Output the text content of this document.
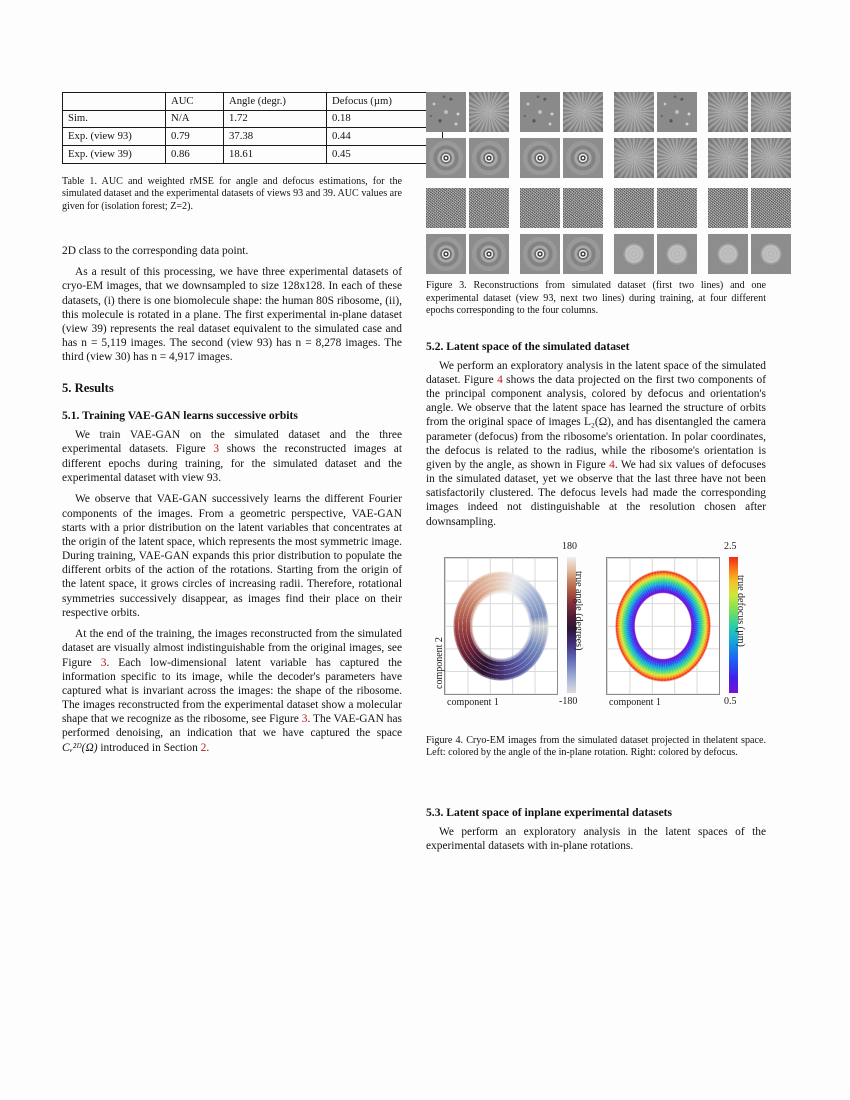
	AUC	Angle (degr.)	Defocus (µm)
Sim.	N/A	1.72	0.18
Exp. (view 93)	0.79	37.38	0.44
Exp. (view 39)	0.86	18.61	0.45

Table 1. AUC and weighted rMSE for angle and defocus estimations, for the simulated dataset and the experimental datasets of views 93 and 39. AUC values are given for (isolation forest; Z=2).

2D class to the corresponding data point.

As a result of this processing, we have three experimental datasets of cryo-EM images, that we downsampled to size 128x128. In each of these datasets, (i) there is one biomolecule shape: the human 80S ribosome, (ii), this molecule is rotated in a plane. The first experimental in-plane dataset (view 39) represents the real dataset equivalent to the simulated case and has n = 5,119 images. The second (view 93) has n = 8,278 images. The third (view 30) has n = 4,917 images.

5. Results
5.1. Training VAE-GAN learns successive orbits

We train VAE-GAN on the simulated dataset and the three experimental datasets. Figure 3 shows the reconstructed images at different epochs during training, for the simulated dataset and the experimental dataset with view 93.

We observe that VAE-GAN successively learns the different Fourier components of the images. From a geometric perspective, VAE-GAN starts with a prior distribution on the latent variables that concentrates at the origin of the latent space, which represents the most symmetric image. During training, VAE-GAN expands this prior distribution to populate the different orbits of the action of the rotations. Starting from the origin of the latent space, it grows circles of increasing radii. Therefore, rotational symmetries successively disappear, as images find their place on their respective orbits.

At the end of the training, the images reconstructed from the simulated dataset are visually almost indistinguishable from the original images, see Figure 3. Each low-dimensional latent variable has captured the information specific to its image, while the decoder's parameters have captured what is invariant across the images: the shape of the ribosome. The images reconstructed from the experimental dataset show a molecular shape that we recognize as the ribosome, see Figure 3. The VAE-GAN has performed denoising, an indication that we have captured the space Cᵥ²ᴰ(Ω) introduced in Section 2.

Figure 3. Reconstructions from simulated dataset (first two lines) and one experimental dataset (view 93, next two lines) during training, at four different epochs corresponding to the four columns.

5.2. Latent space of the simulated dataset

We perform an exploratory analysis in the latent space of the simulated dataset. Figure 4 shows the data projected on the first two components of the principal component analysis, colored by defocus and orientation's angle. We observe that the latent space has learned the structure of orbits from the original space of images L₂(Ω), and has disentangled the camera parameter (defocus) from the ribosome's orientation. In polar coordinates, the defocus is related to the radius, while the ribosome's orientation is given by the angle, as shown in Figure 4. We had six values of defocuses in the simulated dataset, yet we observe that the last three have not been satisfactorily clustered. The defocus levels had made the corresponding images indeed not distinguishable at the resolution chosen after downsampling.

component 2
component 1
180
-180
true angle (degrees)
component 1
2.5
0.5
true defocus (µm)

Figure 4. Cryo-EM images from the simulated dataset projected in thelatent space. Left: colored by the angle of the in-plane rotation. Right: colored by defocus.

5.3. Latent space of inplane experimental datasets

We perform an exploratory analysis in the latent spaces of the experimental datasets with in-plane rotations.
